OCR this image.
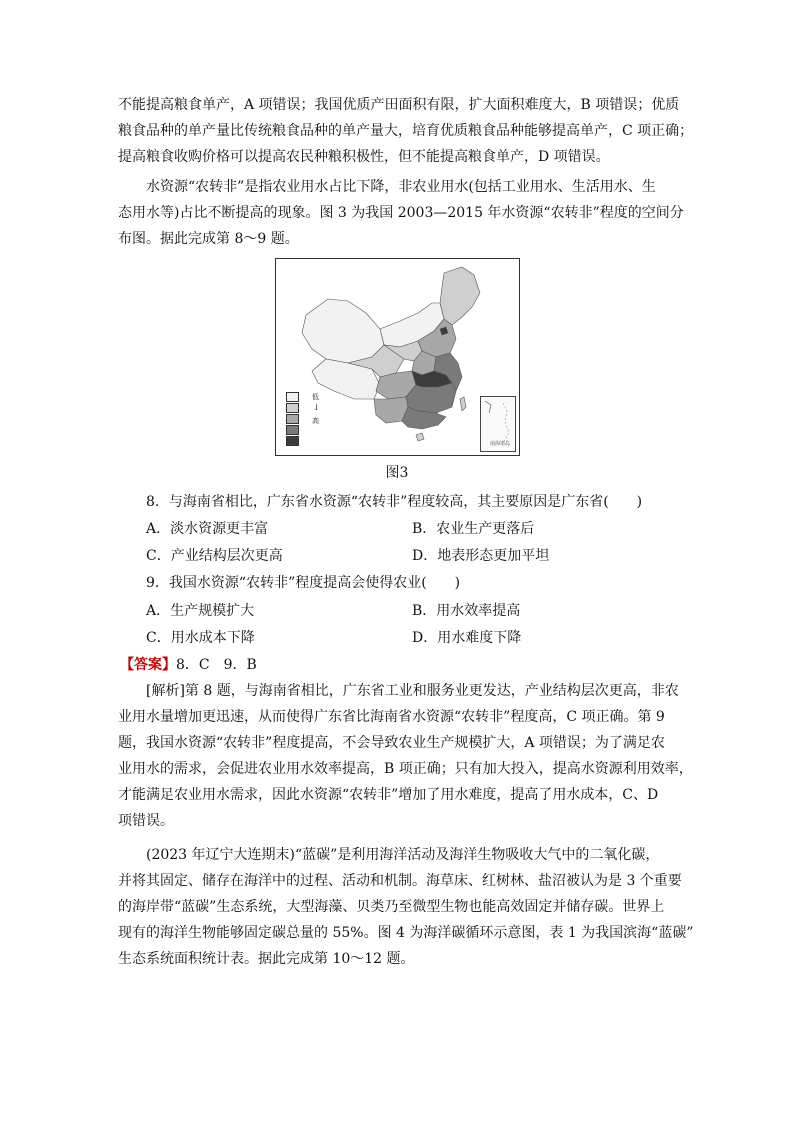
不能提高粮食单产，A 项错误；我国优质产田面积有限，扩大面积难度大，B 项错误；优质
粮食品种的单产量比传统粮食品种的单产量大，培育优质粮食品种能够提高单产，C 项正确；
提高粮食收购价格可以提高农民种粮积极性，但不能提高粮食单产，D 项错误。
水资源“农转非”是指农业用水占比下降，非农业用水(包括工业用水、生活用水、生
态用水等)占比不断提高的现象。图 3 为我国 2003—2015 年水资源“农转非”程度的空间分
布图。据此完成第 8～9 题。
低
↓
高
南海诸岛
图3
8．与海南省相比，广东省水资源“农转非”程度较高，其主要原因是广东省(　　)
A．淡水资源更丰富	B．农业生产更落后
C．产业结构层次更高	D．地表形态更加平坦
9．我国水资源“农转非”程度提高会使得农业(　　)
A．生产规模扩大	B．用水效率提高
C．用水成本下降	D．用水难度下降
【答案】8．C　9．B
[解析]第 8 题，与海南省相比，广东省工业和服务业更发达，产业结构层次更高，非农
业用水量增加更迅速，从而使得广东省比海南省水资源“农转非”程度高，C 项正确。第 9
题，我国水资源“农转非”程度提高，不会导致农业生产规模扩大，A 项错误；为了满足农
业用水的需求，会促进农业用水效率提高，B 项正确；只有加大投入，提高水资源利用效率，
才能满足农业用水需求，因此水资源“农转非”增加了用水难度，提高了用水成本，C、D
项错误。
(2023 年辽宁大连期末)“蓝碳”是利用海洋活动及海洋生物吸收大气中的二氧化碳，
并将其固定、储存在海洋中的过程、活动和机制。海草床、红树林、盐沼被认为是 3 个重要
的海岸带“蓝碳”生态系统，大型海藻、贝类乃至微型生物也能高效固定并储存碳。世界上
现有的海洋生物能够固定碳总量的 55%。图 4 为海洋碳循环示意图，表 1 为我国滨海“蓝碳”
生态系统面积统计表。据此完成第 10～12 题。
